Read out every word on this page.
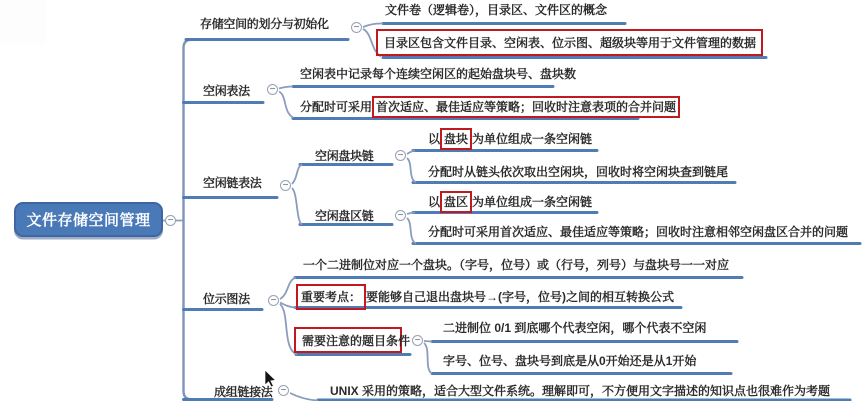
文件存储空间管理	−
存储空间的划分与初始化 −
文件卷（逻辑卷），目录区、文件区的概念
目录区包含文件目录、空闲表、位示图、超级块等用于文件管理的数据
空闲表法 −
空闲表中记录每个连续空闲区的起始盘块号、盘块数
分配时可采用 首次适应、最佳适应等策略；回收时注意表项的合并问题
空闲链表法 −
空闲盘块链 −
以 盘块 为单位组成一条空闲链
分配时从链头依次取出空闲块，回收时将空闲块查到链尾
空闲盘区链 −
以 盘区 为单位组成一条空闲链
分配时可采用首次适应、最佳适应等策略；回收时注意相邻空闲盘区合并的问题
位示图法 −
一个二进制位对应一个盘块。（字号，位号）或（行号，列号）与盘块号一一对应
重要考点： 要能够自己退出盘块号→(字号，位号)之间的相互转换公式
需要注意的题目条件 −
二进制位 0/1 到底哪个代表空闲，哪个代表不空闲
字号、位号、盘块号到底是从0开始还是从1开始
成组链接法 −	UNIX 采用的策略，适合大型文件系统。理解即可，不方便用文字描述的知识点也很难作为考题
